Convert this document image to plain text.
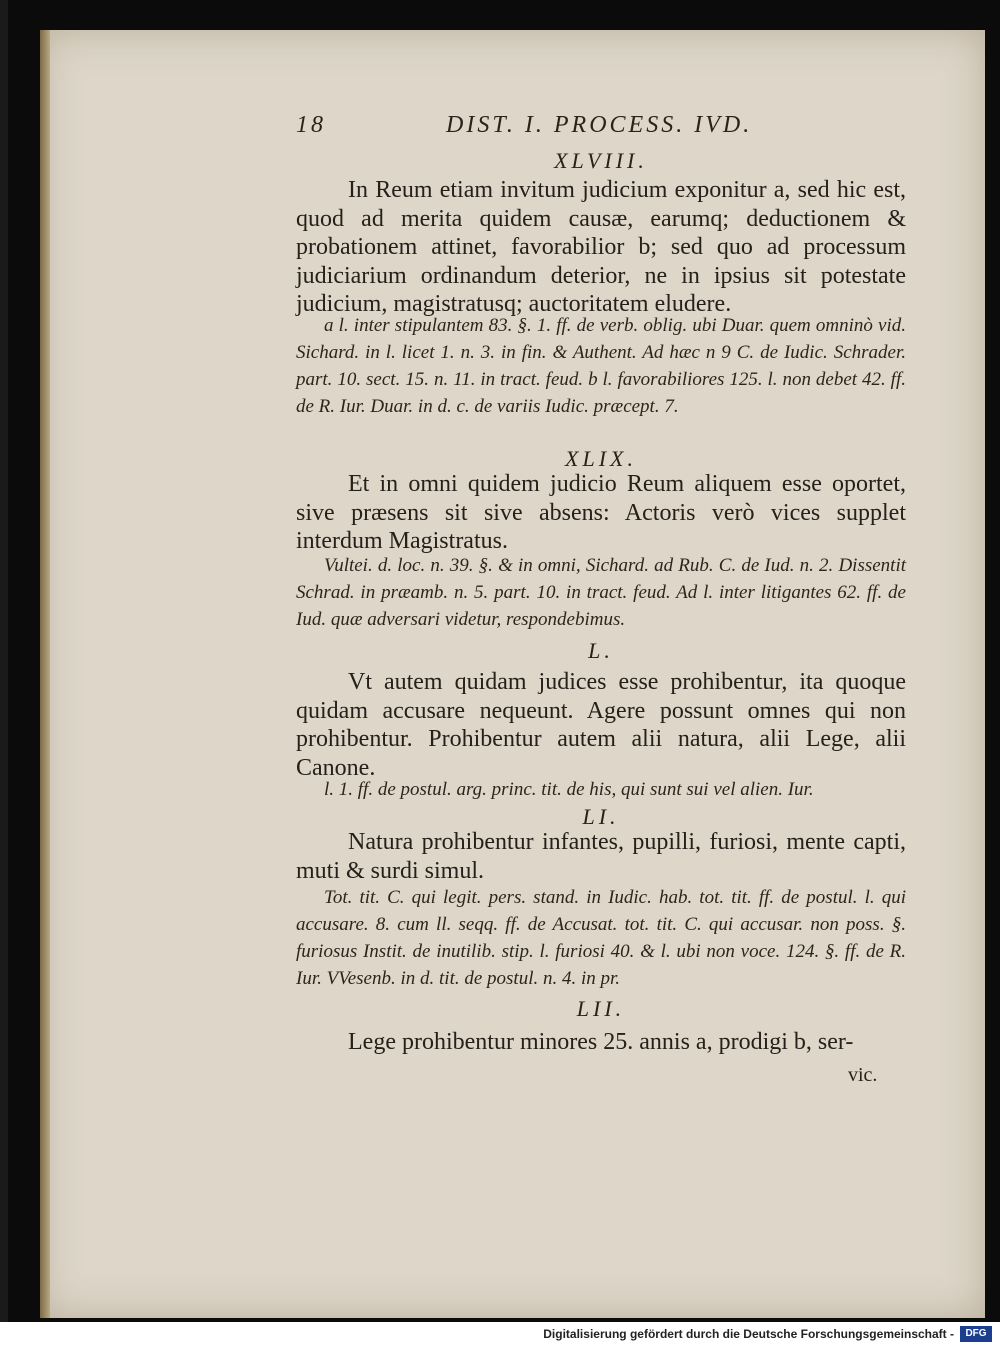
18	DIST. I. PROCESS. IVD.
XLVIII.

In Reum etiam invitum judicium exponitur a, sed hic est, quod ad merita quidem causæ, earumq; deductionem & probationem attinet, favorabilior b; sed quo ad processum judiciarium ordinandum deterior, ne in ipsius sit potestate judicium, magistratusq; auctoritatem eludere.

a l. inter stipulantem 83. §. 1. ff. de verb. oblig. ubi Duar. quem omninò vid. Sichard. in l. licet 1. n. 3. in fin. & Authent. Ad hæc n 9 C. de Iudic. Schrader. part. 10. sect. 15. n. 11. in tract. feud. b l. favorabiliores 125. l. non debet 42. ff. de R. Iur. Duar. in d. c. de variis Iudic. præcept. 7.

XLIX.

Et in omni quidem judicio Reum aliquem esse oportet, sive præsens sit sive absens: Actoris verò vices supplet interdum Magistratus.

Vultei. d. loc. n. 39. §. & in omni, Sichard. ad Rub. C. de Iud. n. 2. Dissentit Schrad. in præamb. n. 5. part. 10. in tract. feud. Ad l. inter litigantes 62. ff. de Iud. quæ adversari videtur, respondebimus.

L.

Vt autem quidam judices esse prohibentur, ita quoque quidam accusare nequeunt. Agere possunt omnes qui non prohibentur. Prohibentur autem alii natura, alii Lege, alii Canone.

l. 1. ff. de postul. arg. princ. tit. de his, qui sunt sui vel alien. Iur.

LI.

Natura prohibentur infantes, pupilli, furiosi, mente capti, muti & surdi simul.

Tot. tit. C. qui legit. pers. stand. in Iudic. hab. tot. tit. ff. de postul. l. qui accusare. 8. cum ll. seqq. ff. de Accusat. tot. tit. C. qui accusar. non poss. §. furiosus Instit. de inutilib. stip. l. furiosi 40. & l. ubi non voce. 124. §. ff. de R. Iur. VVesenb. in d. tit. de postul. n. 4. in pr.

LII.

Lege prohibentur minores 25. annis a, prodigi b, ser-

vic.
Digitalisierung gefördert durch die Deutsche Forschungsgemeinschaft -	DFG
